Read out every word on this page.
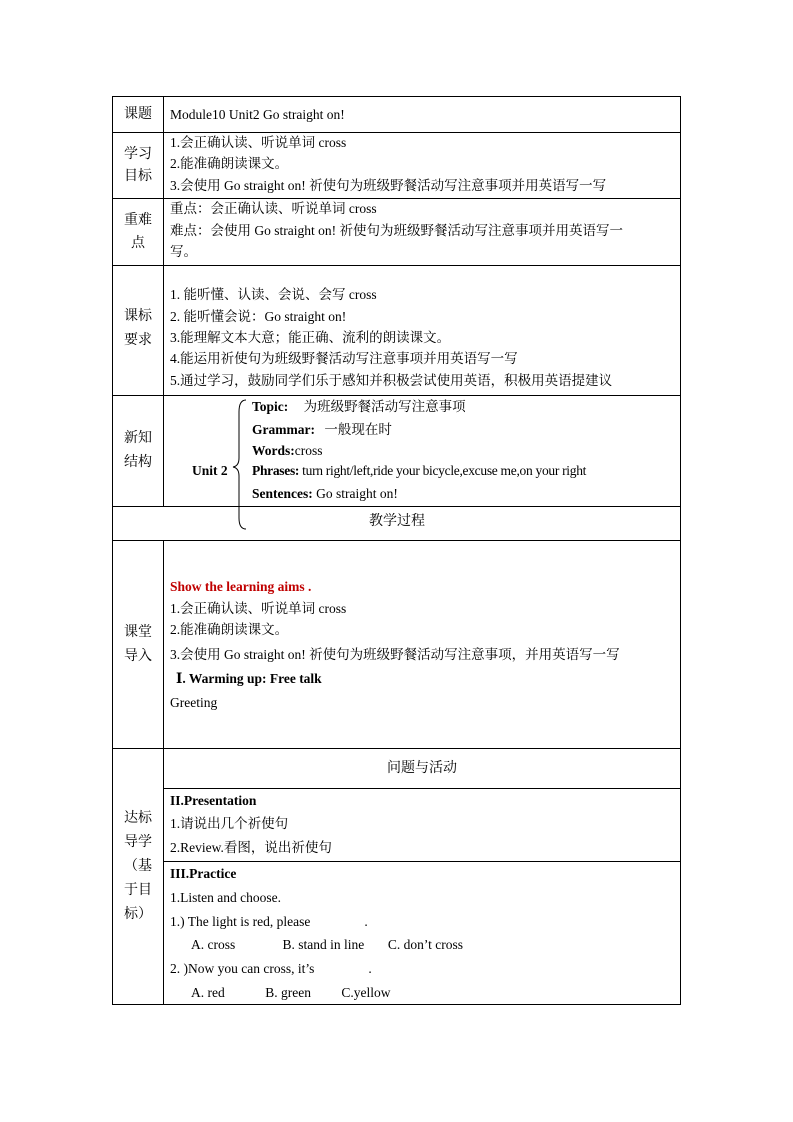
课题	Module10 Unit2 Go straight on!
学习
目标
1.会正确认读、听说单词 cross
2.能准确朗读课文。
3.会使用 Go straight on! 祈使句为班级野餐活动写注意事项并用英语写一写
重难
点
重点：会正确认读、听说单词 cross
难点：会使用 Go straight on! 祈使句为班级野餐活动写注意事项并用英语写一
写。
课标
要求
1. 能听懂、认读、会说、会写 cross
2. 能听懂会说：Go straight on!
3.能理解文本大意；能正确、流利的朗读课文。
4.能运用祈使句为班级野餐活动写注意事项并用英语写一写
5.通过学习，鼓励同学们乐于感知并积极尝试使用英语，积极用英语提建议
新知
结构
Unit 2
Topic: 为班级野餐活动写注意事项
Grammar: 一般现在时
Words:cross
Phrases: turn right/left,ride your bicycle,excuse me,on your right
Sentences: Go straight on!
教学过程
课堂
导入
Show the learning aims .
1.会正确认读、听说单词 cross
2.能准确朗读课文。
3.会使用 Go straight on! 祈使句为班级野餐活动写注意事项，并用英语写一写
Ⅰ. Warming up: Free talk
Greeting
达标
导学
（基
于目
标）
问题与活动
II.Presentation
1.请说出几个祈使句
2.Review.看图，说出祈使句
III.Practice
1.Listen and choose.
1.) The light is red, please                .
A. cross              B. stand in line       C. don’t cross
2. )Now you can cross, it’s                .
A. red            B. green         C.yellow
